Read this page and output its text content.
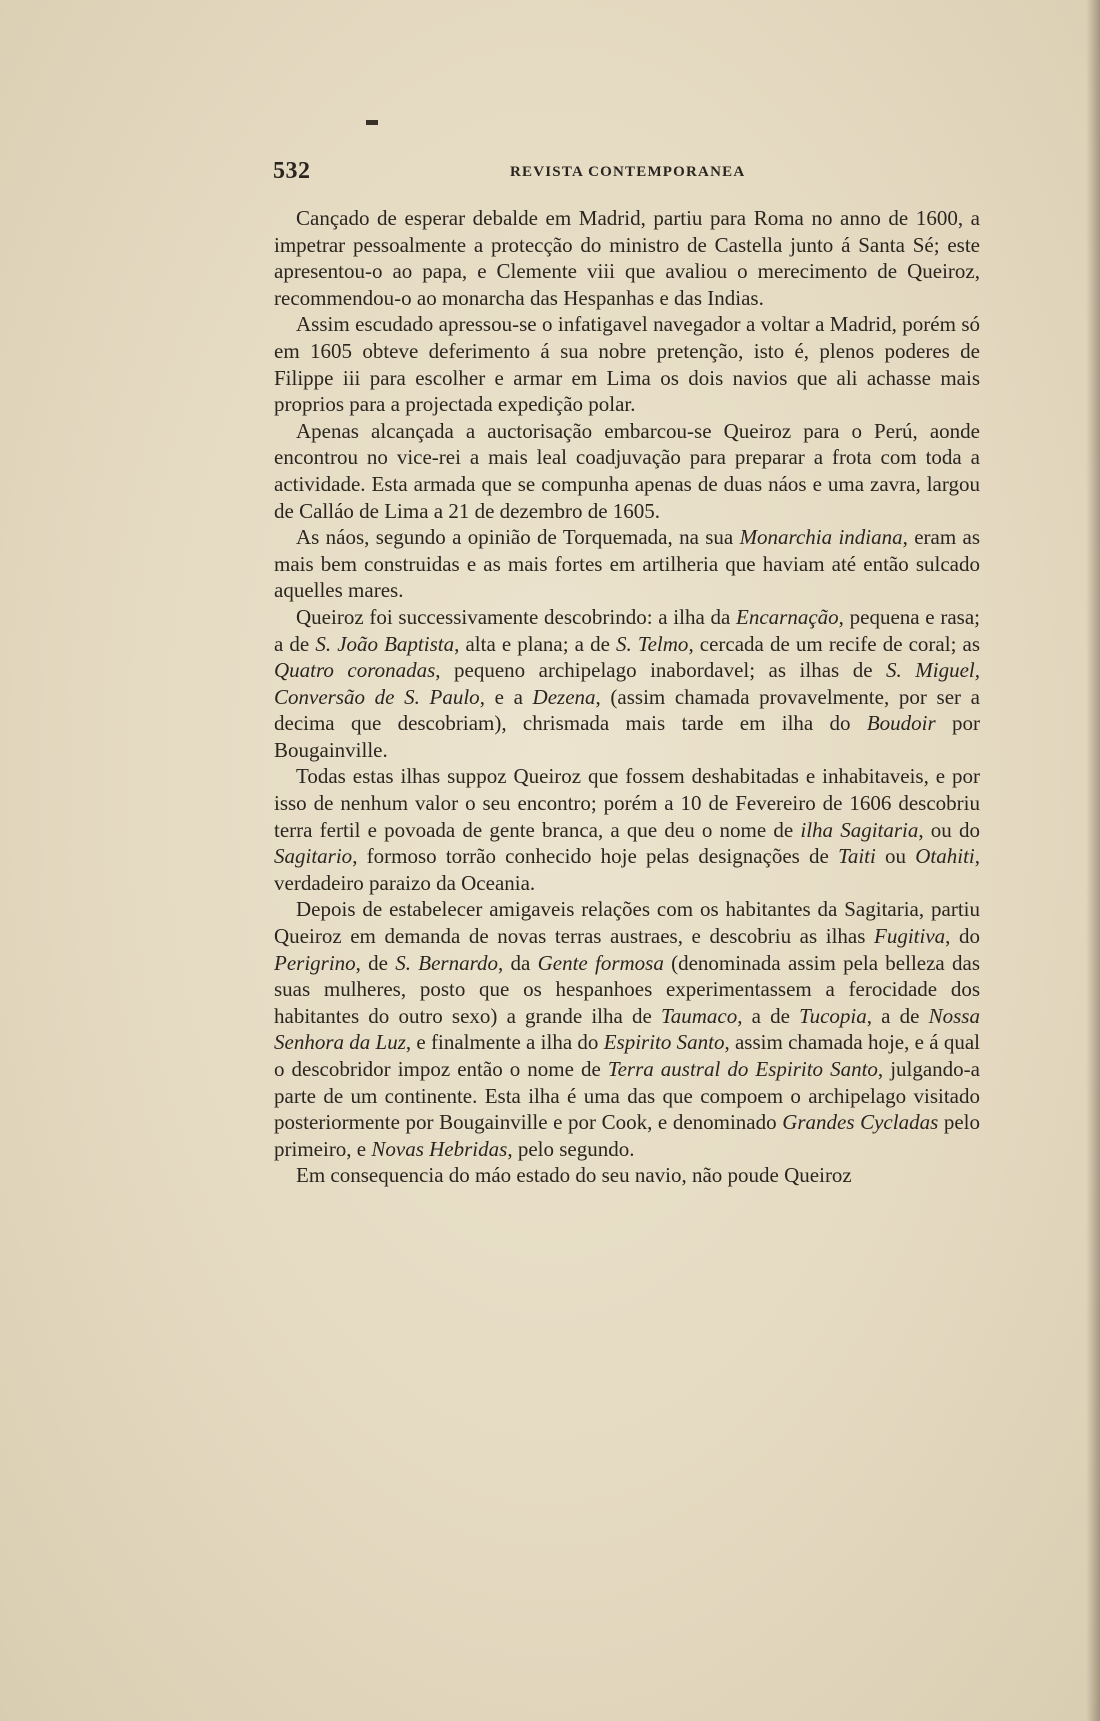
532	REVISTA CONTEMPORANEA

Cançado de esperar debalde em Madrid, partiu para Roma no anno de 1600, a impetrar pessoalmente a protecção do ministro de Castella junto á Santa Sé; este apresentou-o ao papa, e Clemente viii que avaliou o merecimento de Queiroz, recommendou-o ao monarcha das Hespanhas e das Indias.

Assim escudado apressou-se o infatigavel navegador a voltar a Madrid, porém só em 1605 obteve deferimento á sua nobre pretenção, isto é, plenos poderes de Filippe iii para escolher e armar em Lima os dois navios que ali achasse mais proprios para a projectada expedição polar.

Apenas alcançada a auctorisação embarcou-se Queiroz para o Perú, aonde encontrou no vice-rei a mais leal coadjuvação para preparar a frota com toda a actividade. Esta armada que se compunha apenas de duas náos e uma zavra, largou de Calláo de Lima a 21 de dezembro de 1605.

As náos, segundo a opinião de Torquemada, na sua Monarchia indiana, eram as mais bem construidas e as mais fortes em artilheria que haviam até então sulcado aquelles mares.

Queiroz foi successivamente descobrindo: a ilha da Encarnação, pequena e rasa; a de S. João Baptista, alta e plana; a de S. Telmo, cercada de um recife de coral; as Quatro coronadas, pequeno archipelago inabordavel; as ilhas de S. Miguel, Conversão de S. Paulo, e a Dezena, (assim chamada provavelmente, por ser a decima que descobriam), chrismada mais tarde em ilha do Boudoir por Bougainville.

Todas estas ilhas suppoz Queiroz que fossem deshabitadas e inhabitaveis, e por isso de nenhum valor o seu encontro; porém a 10 de Fevereiro de 1606 descobriu terra fertil e povoada de gente branca, a que deu o nome de ilha Sagitaria, ou do Sagitario, formoso torrão conhecido hoje pelas designações de Taiti ou Otahiti, verdadeiro paraizo da Oceania.

Depois de estabelecer amigaveis relações com os habitantes da Sagitaria, partiu Queiroz em demanda de novas terras austraes, e descobriu as ilhas Fugitiva, do Perigrino, de S. Bernardo, da Gente formosa (denominada assim pela belleza das suas mulheres, posto que os hespanhoes experimentassem a ferocidade dos habitantes do outro sexo) a grande ilha de Taumaco, a de Tucopia, a de Nossa Senhora da Luz, e finalmente a ilha do Espirito Santo, assim chamada hoje, e á qual o descobridor impoz então o nome de Terra austral do Espirito Santo, julgando-a parte de um continente. Esta ilha é uma das que compoem o archipelago visitado posteriormente por Bougainville e por Cook, e denominado Grandes Cycladas pelo primeiro, e Novas Hebridas, pelo segundo.

Em consequencia do máo estado do seu navio, não poude Queiroz
